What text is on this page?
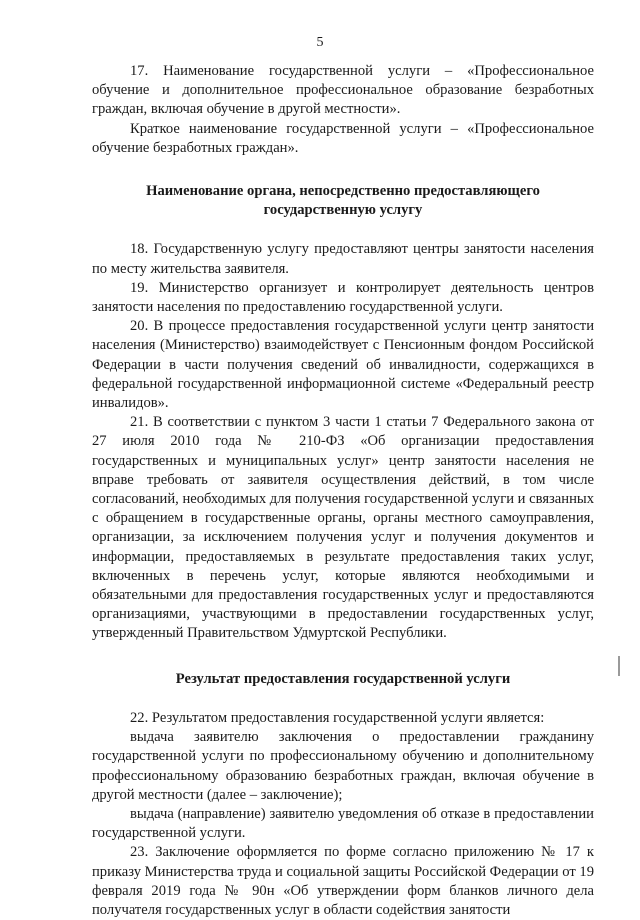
5

17. Наименование государственной услуги – «Профессиональное обучение и дополнительное профессиональное образование безработных граждан, включая обучение в другой местности».

Краткое наименование государственной услуги – «Профессиональное обучение безработных граждан».

Наименование органа, непосредственно предоставляющего государственную услугу

18. Государственную услугу предоставляют центры занятости населения по месту жительства заявителя.

19. Министерство организует и контролирует деятельность центров занятости населения по предоставлению государственной услуги.

20. В процессе предоставления государственной услуги центр занятости населения (Министерство) взаимодействует с Пенсионным фондом Российской Федерации в части получения сведений об инвалидности, содержащихся в федеральной государственной информационной системе «Федеральный реестр инвалидов».

21. В соответствии с пунктом 3 части 1 статьи 7 Федерального закона от 27 июля 2010 года № 210-ФЗ «Об организации предоставления государственных и муниципальных услуг» центр занятости населения не вправе требовать от заявителя осуществления действий, в том числе согласований, необходимых для получения государственной услуги и связанных с обращением в государственные органы, органы местного самоуправления, организации, за исключением получения услуг и получения документов и информации, предоставляемых в результате предоставления таких услуг, включенных в перечень услуг, которые являются необходимыми и обязательными для предоставления государственных услуг и предоставляются организациями, участвующими в предоставлении государственных услуг, утвержденный Правительством Удмуртской Республики.

Результат предоставления государственной услуги

22. Результатом предоставления государственной услуги является:

выдача заявителю заключения о предоставлении гражданину государственной услуги по профессиональному обучению и дополнительному профессиональному образованию безработных граждан, включая обучение в другой местности (далее – заключение);

выдача (направление) заявителю уведомления об отказе в предоставлении государственной услуги.

23. Заключение оформляется по форме согласно приложению № 17 к приказу Министерства труда и социальной защиты Российской Федерации от 19 февраля 2019 года № 90н «Об утверждении форм бланков личного дела получателя государственных услуг в области содействия занятости
